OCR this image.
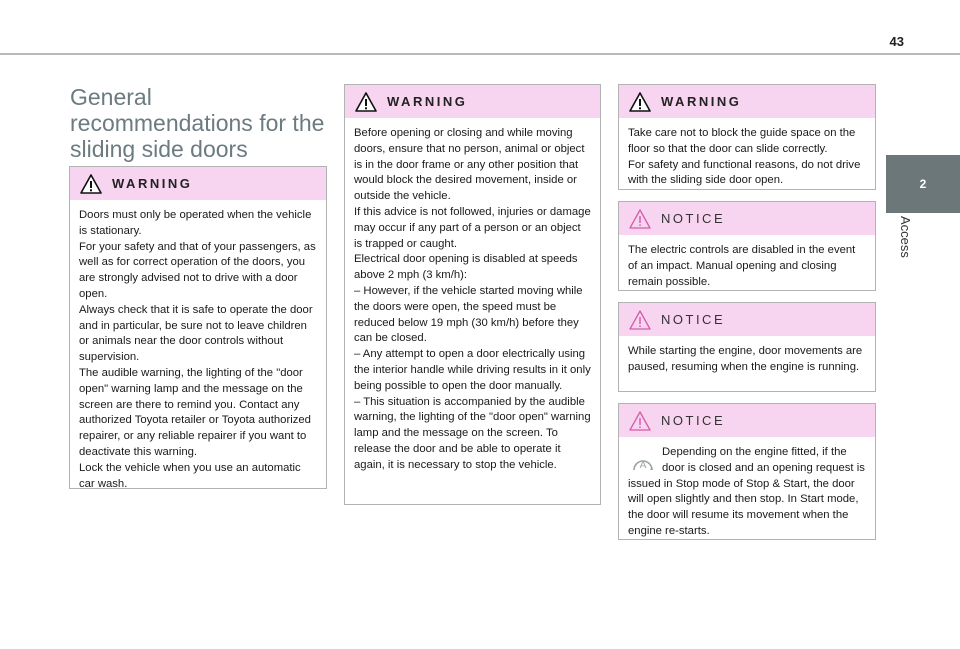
43
2
Access
General recommendations for the sliding side doors
WARNING

Doors must only be operated when the vehicle is stationary.

For your safety and that of your passengers, as well as for correct operation of the doors, you are strongly advised not to drive with a door open.

Always check that it is safe to operate the door and in particular, be sure not to leave children or animals near the door controls without supervision.

The audible warning, the lighting of the "door open" warning lamp and the message on the screen are there to remind you. Contact any authorized Toyota retailer or Toyota authorized repairer, or any reliable repairer if you want to deactivate this warning.

Lock the vehicle when you use an automatic car wash.

WARNING

Before opening or closing and while moving doors, ensure that no person, animal or object is in the door frame or any other position that would block the desired movement, inside or outside the vehicle.

If this advice is not followed, injuries or damage may occur if any part of a person or an object is trapped or caught.

Electrical door opening is disabled at speeds above 2 mph (3 km/h):

– However, if the vehicle started moving while the doors were open, the speed must be reduced below 19 mph (30 km/h) before they can be closed.

– Any attempt to open a door electrically using the interior handle while driving results in it only being possible to open the door manually.

– This situation is accompanied by the audible warning, the lighting of the "door open" warning lamp and the message on the screen. To release the door and be able to operate it again, it is necessary to stop the vehicle.

WARNING

Take care not to block the guide space on the floor so that the door can slide correctly.

For safety and functional reasons, do not drive with the sliding side door open.

NOTICE

The electric controls are disabled in the event of an impact. Manual opening and closing remain possible.

NOTICE

While starting the engine, door movements are paused, resuming when the engine is running.

NOTICE
A

Depending on the engine fitted, if the door is closed and an opening request is issued in Stop mode of Stop & Start, the door will open slightly and then stop. In Start mode, the door will resume its movement when the engine re-starts.
